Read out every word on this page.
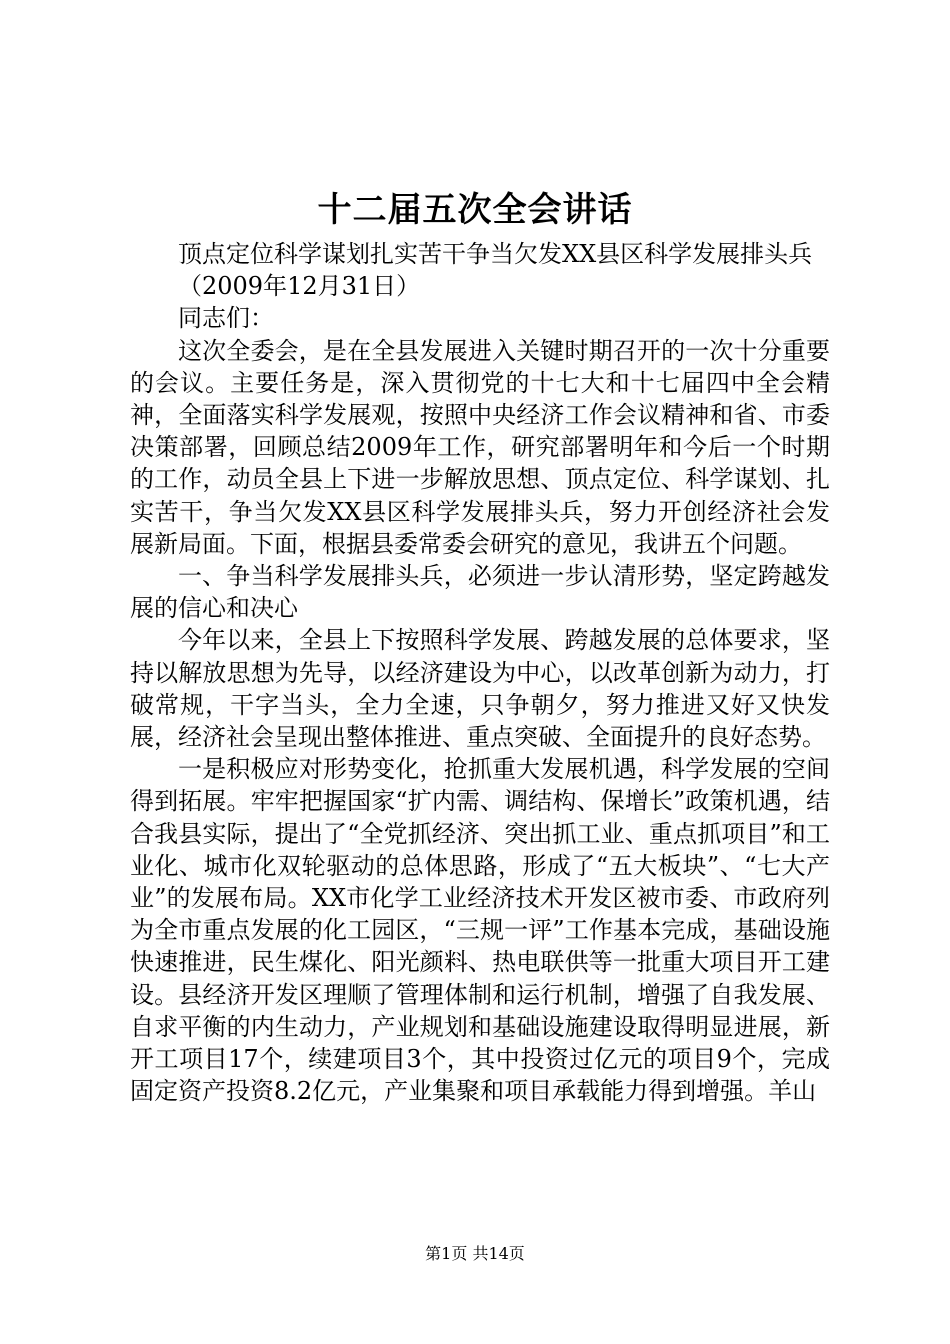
十二届五次全会讲话

顶点定位科学谋划扎实苦干争当欠发XX县区科学发展排头兵

（2009年12月31日）

同志们：

这次全委会，是在全县发展进入关键时期召开的一次十分重要的会议。主要任务是，深入贯彻党的十七大和十七届四中全会精神，全面落实科学发展观，按照中央经济工作会议精神和省、市委决策部署，回顾总结2009年工作，研究部署明年和今后一个时期的工作，动员全县上下进一步解放思想、顶点定位、科学谋划、扎实苦干，争当欠发XX县区科学发展排头兵，努力开创经济社会发展新局面。下面，根据县委常委会研究的意见，我讲五个问题。

一、争当科学发展排头兵，必须进一步认清形势，坚定跨越发展的信心和决心

今年以来，全县上下按照科学发展、跨越发展的总体要求，坚持以解放思想为先导，以经济建设为中心，以改革创新为动力，打破常规，干字当头，全力全速，只争朝夕，努力推进又好又快发展，经济社会呈现出整体推进、重点突破、全面提升的良好态势。

一是积极应对形势变化，抢抓重大发展机遇，科学发展的空间得到拓展。牢牢把握国家“扩内需、调结构、保增长”政策机遇，结合我县实际，提出了“全党抓经济、突出抓工业、重点抓项目”和工业化、城市化双轮驱动的总体思路，形成了“五大板块”、“七大产业”的发展布局。XX市化学工业经济技术开发区被市委、市政府列为全市重点发展的化工园区，“三规一评”工作基本完成，基础设施快速推进，民生煤化、阳光颜料、热电联供等一批重大项目开工建设。县经济开发区理顺了管理体制和运行机制，增强了自我发展、自求平衡的内生动力，产业规划和基础设施建设取得明显进展，新开工项目17个，续建项目3个，其中投资过亿元的项目9个，完成固定资产投资8.2亿元，产业集聚和项目承载能力得到增强。羊山

第1页 共14页
